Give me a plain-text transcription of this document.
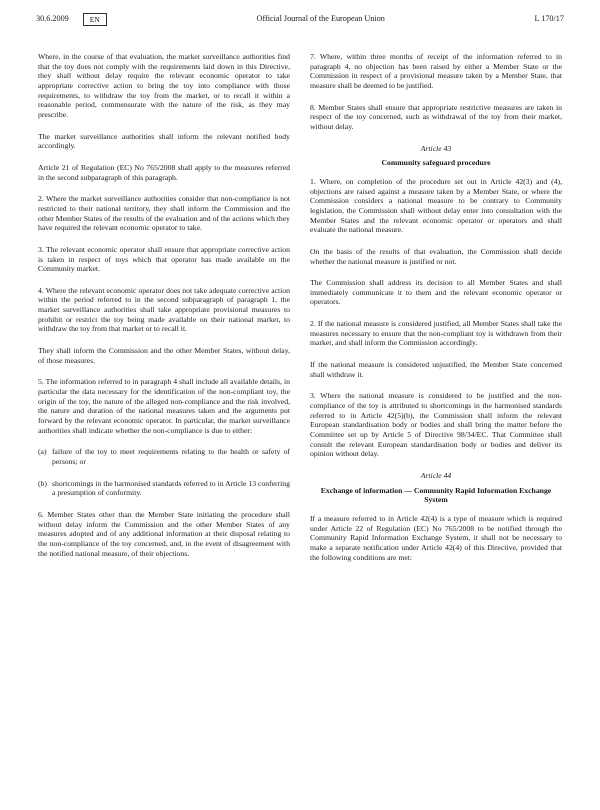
30.6.2009	EN	Official Journal of the European Union	L 170/17

Where, in the course of that evaluation, the market surveillance authorities find that the toy does not comply with the requirements laid down in this Directive, they shall without delay require the relevant economic operator to take appropriate corrective action to bring the toy into compliance with those requirements, to withdraw the toy from the market, or to recall it within a reasonable period, commensurate with the nature of the risk, as they may prescribe.

The market surveillance authorities shall inform the relevant notified body accordingly.

Article 21 of Regulation (EC) No 765/2008 shall apply to the measures referred in the second subparagraph of this paragraph.

2. Where the market surveillance authorities consider that non-compliance is not restricted to their national territory, they shall inform the Commission and the other Member States of the results of the evaluation and of the actions which they have required the relevant economic operator to take.

3. The relevant economic operator shall ensure that appropriate corrective action is taken in respect of toys which that operator has made available on the Community market.

4. Where the relevant economic operator does not take adequate corrective action within the period referred to in the second subparagraph of paragraph 1, the market surveillance authorities shall take appropriate provisional measures to prohibit or restrict the toy being made available on their national market, to withdraw the toy from that market or to recall it.

They shall inform the Commission and the other Member States, without delay, of those measures.

5. The information referred to in paragraph 4 shall include all available details, in particular the data necessary for the identification of the non-compliant toy, the origin of the toy, the nature of the alleged non-compliance and the risk involved, the nature and duration of the national measures taken and the arguments put forward by the relevant economic operator. In particular, the market surveillance authorities shall indicate whether the non-compliance is due to either:

(a) failure of the toy to meet requirements relating to the health or safety of persons; or
(b) shortcomings in the harmonised standards referred to in Article 13 conferring a presumption of conformity.

6. Member States other than the Member State initiating the procedure shall without delay inform the Commission and the other Member States of any measures adopted and of any additional information at their disposal relating to the non-compliance of the toy concerned, and, in the event of disagreement with the notified national measure, of their objections.

7. Where, within three months of receipt of the information referred to in paragraph 4, no objection has been raised by either a Member State or the Commission in respect of a provisional measure taken by a Member State, that measure shall be deemed to be justified.

8. Member States shall ensure that appropriate restrictive measures are taken in respect of the toy concerned, such as withdrawal of the toy from their market, without delay.

Article 43
Community safeguard procedure

1. Where, on completion of the procedure set out in Article 42(3) and (4), objections are raised against a measure taken by a Member State, or where the Commission considers a national measure to be contrary to Community legislation, the Commission shall without delay enter into consultation with the Member States and the relevant economic operator or operators and shall evaluate the national measure.

On the basis of the results of that evaluation, the Commission shall decide whether the national measure is justified or not.

The Commission shall address its decision to all Member States and shall immediately communicate it to them and the relevant economic operator or operators.

2. If the national measure is considered justified, all Member States shall take the measures necessary to ensure that the non-compliant toy is withdrawn from their market, and shall inform the Commission accordingly.

If the national measure is considered unjustified, the Member State concerned shall withdraw it.

3. Where the national measure is considered to be justified and the non-compliance of the toy is attributed to shortcomings in the harmonised standards referred to in Article 42(5)(b), the Commission shall inform the relevant European standardisation body or bodies and shall bring the matter before the Committee set up by Article 5 of Directive 98/34/EC. That Committee shall consult the relevant European standardisation body or bodies and deliver its opinion without delay.

Article 44
Exchange of information — Community Rapid Information Exchange System

If a measure referred to in Article 42(4) is a type of measure which is required under Article 22 of Regulation (EC) No 765/2008 to be notified through the Community Rapid Information Exchange System, it shall not be necessary to make a separate notification under Article 42(4) of this Directive, provided that the following conditions are met:
